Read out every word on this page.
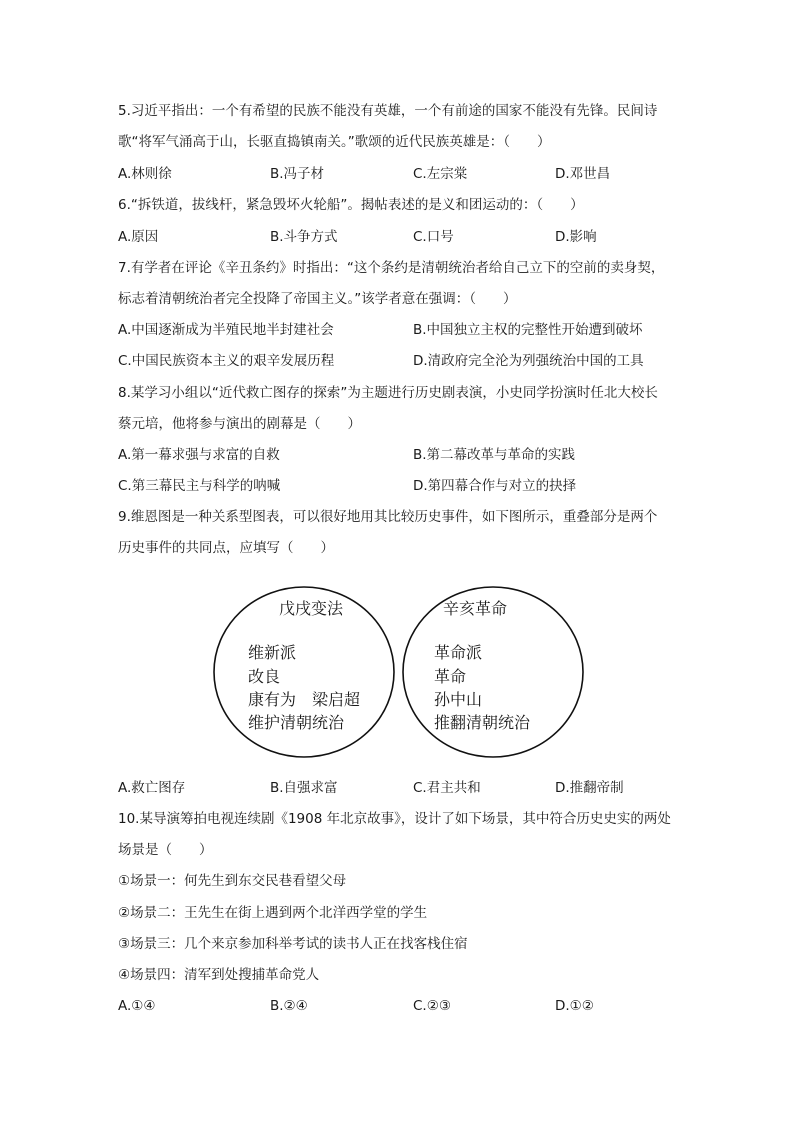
5.习近平指出：一个有希望的民族不能没有英雄，一个有前途的国家不能没有先锋。民间诗
歌“将军气涌高于山，长驱直捣镇南关。”歌颂的近代民族英雄是：（　　）
A.林则徐	B.冯子材	C.左宗棠	D.邓世昌
6.“拆铁道，拔线杆，紧急毁坏火轮船”。揭帖表述的是义和团运动的：（　　）
A.原因	B.斗争方式	C.口号	D.影响
7.有学者在评论《辛丑条约》时指出：“这个条约是清朝统治者给自己立下的空前的卖身契，
标志着清朝统治者完全投降了帝国主义。”该学者意在强调：（　　）
A.中国逐渐成为半殖民地半封建社会	B.中国独立主权的完整性开始遭到破坏
C.中国民族资本主义的艰辛发展历程	D.清政府完全沦为列强统治中国的工具
8.某学习小组以“近代救亡图存的探索”为主题进行历史剧表演，小史同学扮演时任北大校长
蔡元培，他将参与演出的剧幕是（　　）
A.第一幕求强与求富的自救	B.第二幕改革与革命的实践
C.第三幕民主与科学的呐喊	D.第四幕合作与对立的抉择
9.维恩图是一种关系型图表，可以很好地用其比较历史事件，如下图所示，重叠部分是两个
历史事件的共同点，应填写（　　）
戊戌变法
维新派
改良
康有为　梁启超
维护清朝统治
辛亥革命
革命派
革命
孙中山
推翻清朝统治
A.救亡图存	B.自强求富	C.君主共和	D.推翻帝制
10.某导演筹拍电视连续剧《1908 年北京故事》，设计了如下场景，其中符合历史史实的两处
场景是（　　）
①场景一：何先生到东交民巷看望父母
②场景二：王先生在街上遇到两个北洋西学堂的学生
③场景三：几个来京参加科举考试的读书人正在找客栈住宿
④场景四：清军到处搜捕革命党人
A.①④	B.②④	C.②③	D.①②
